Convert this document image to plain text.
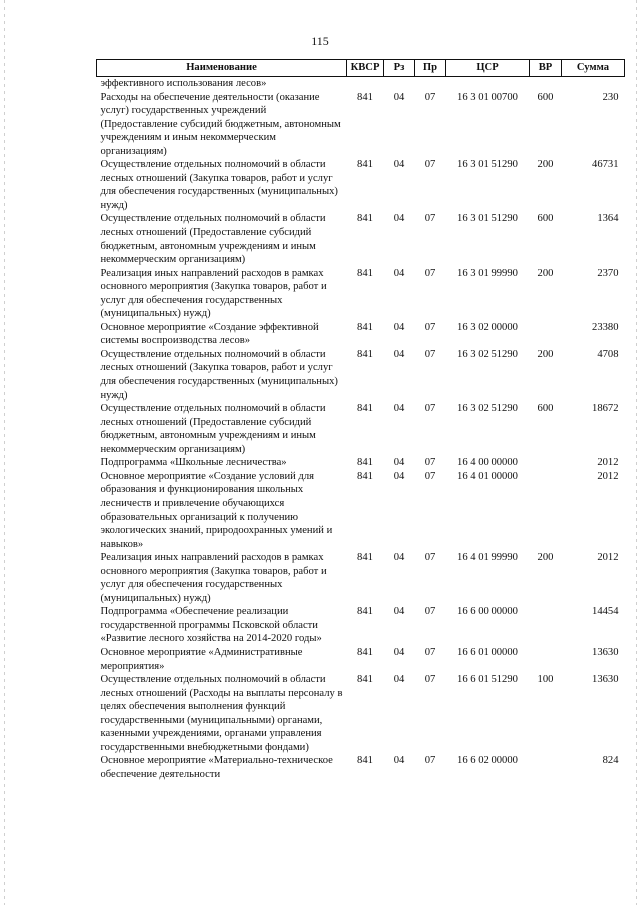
115
Наименование	КВСР	Рз	Пр	ЦСР	ВР	Сумма
эффективного использования лесов»						
Расходы на обеспечение деятельности (оказание услуг) государственных учреждений (Предоставление субсидий бюджетным, автономным учреждениям и иным некоммерческим организациям)	841	04	07	16 3 01 00700	600	230
Осуществление отдельных полномочий в области лесных отношений (Закупка товаров, работ и услуг для обеспечения государственных (муниципальных) нужд)	841	04	07	16 3 01 51290	200	46731
Осуществление отдельных полномочий в области лесных отношений (Предоставление субсидий бюджетным, автономным учреждениям и иным некоммерческим организациям)	841	04	07	16 3 01 51290	600	1364
Реализация иных направлений расходов в рамках основного мероприятия (Закупка товаров, работ и услуг для обеспечения государственных (муниципальных) нужд)	841	04	07	16 3 01 99990	200	2370
Основное мероприятие «Создание эффективной системы воспроизводства лесов»	841	04	07	16 3 02 00000		23380
Осуществление отдельных полномочий в области лесных отношений (Закупка товаров, работ и услуг для обеспечения государственных (муниципальных) нужд)	841	04	07	16 3 02 51290	200	4708
Осуществление отдельных полномочий в области лесных отношений (Предоставление субсидий бюджетным, автономным учреждениям и иным некоммерческим организациям)	841	04	07	16 3 02 51290	600	18672
Подпрограмма «Школьные лесничества»	841	04	07	16 4 00 00000		2012
Основное мероприятие «Создание условий для образования и функционирования школьных лесничеств и привлечение обучающихся образовательных организаций к получению экологических знаний, природоохранных умений и навыков»	841	04	07	16 4 01 00000		2012
Реализация иных направлений расходов в рамках основного мероприятия (Закупка товаров, работ и услуг для обеспечения государственных (муниципальных) нужд)	841	04	07	16 4 01 99990	200	2012
Подпрограмма «Обеспечение реализации государственной программы Псковской области «Развитие лесного хозяйства на 2014-2020 годы»	841	04	07	16 6 00 00000		14454
Основное мероприятие «Административные мероприятия»	841	04	07	16 6 01 00000		13630
Осуществление отдельных полномочий в области лесных отношений (Расходы на выплаты персоналу в целях обеспечения выполнения функций государственными (муниципальными) органами, казенными учреждениями, органами управления государственными внебюджетными фондами)	841	04	07	16 6 01 51290	100	13630
Основное мероприятие «Материально-техническое обеспечение деятельности	841	04	07	16 6 02 00000		824
